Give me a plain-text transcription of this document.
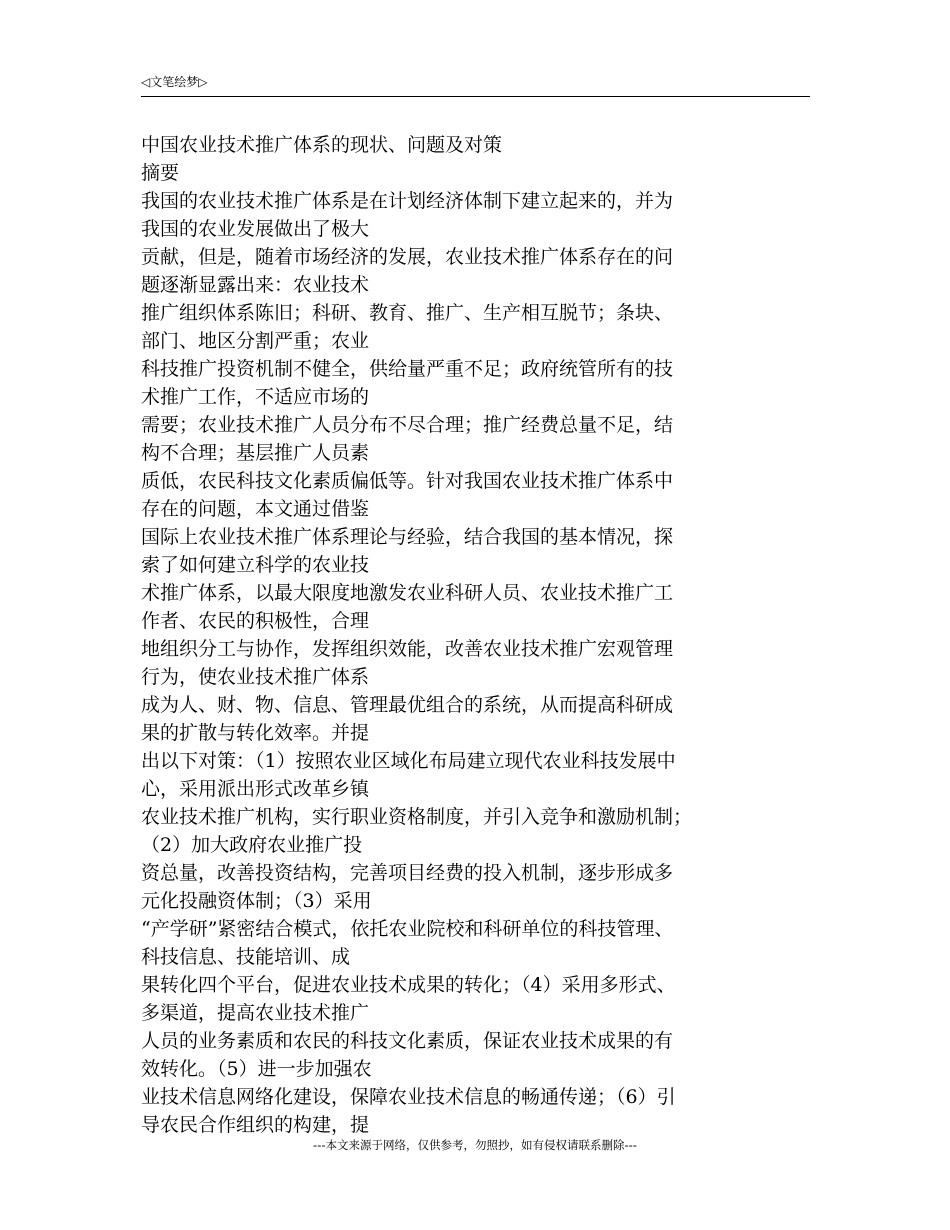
◁文笔绘梦▷
中国农业技术推广体系的现状、问题及对策
摘要
我国的农业技术推广体系是在计划经济体制下建立起来的，并为
我国的农业发展做出了极大
贡献，但是，随着市场经济的发展，农业技术推广体系存在的问
题逐渐显露出来：农业技术
推广组织体系陈旧；科研、教育、推广、生产相互脱节；条块、
部门、地区分割严重；农业
科技推广投资机制不健全，供给量严重不足；政府统管所有的技
术推广工作，不适应市场的
需要；农业技术推广人员分布不尽合理；推广经费总量不足，结
构不合理；基层推广人员素
质低，农民科技文化素质偏低等。针对我国农业技术推广体系中
存在的问题，本文通过借鉴
国际上农业技术推广体系理论与经验，结合我国的基本情况，探
索了如何建立科学的农业技
术推广体系，以最大限度地激发农业科研人员、农业技术推广工
作者、农民的积极性，合理
地组织分工与协作，发挥组织效能，改善农业技术推广宏观管理
行为，使农业技术推广体系
成为人、财、物、信息、管理最优组合的系统，从而提高科研成
果的扩散与转化效率。并提
出以下对策：（1）按照农业区域化布局建立现代农业科技发展中
心，采用派出形式改革乡镇
农业技术推广机构，实行职业资格制度，并引入竞争和激励机制；
（2）加大政府农业推广投
资总量，改善投资结构，完善项目经费的投入机制，逐步形成多
元化投融资体制；（3）采用
“产学研”紧密结合模式，依托农业院校和科研单位的科技管理、
科技信息、技能培训、成
果转化四个平台，促进农业技术成果的转化；（4）采用多形式、
多渠道，提高农业技术推广
人员的业务素质和农民的科技文化素质，保证农业技术成果的有
效转化。（5）进一步加强农
业技术信息网络化建设，保障农业技术信息的畅通传递；（6）引
导农民合作组织的构建，提
---本文来源于网络，仅供参考，勿照抄，如有侵权请联系删除---
